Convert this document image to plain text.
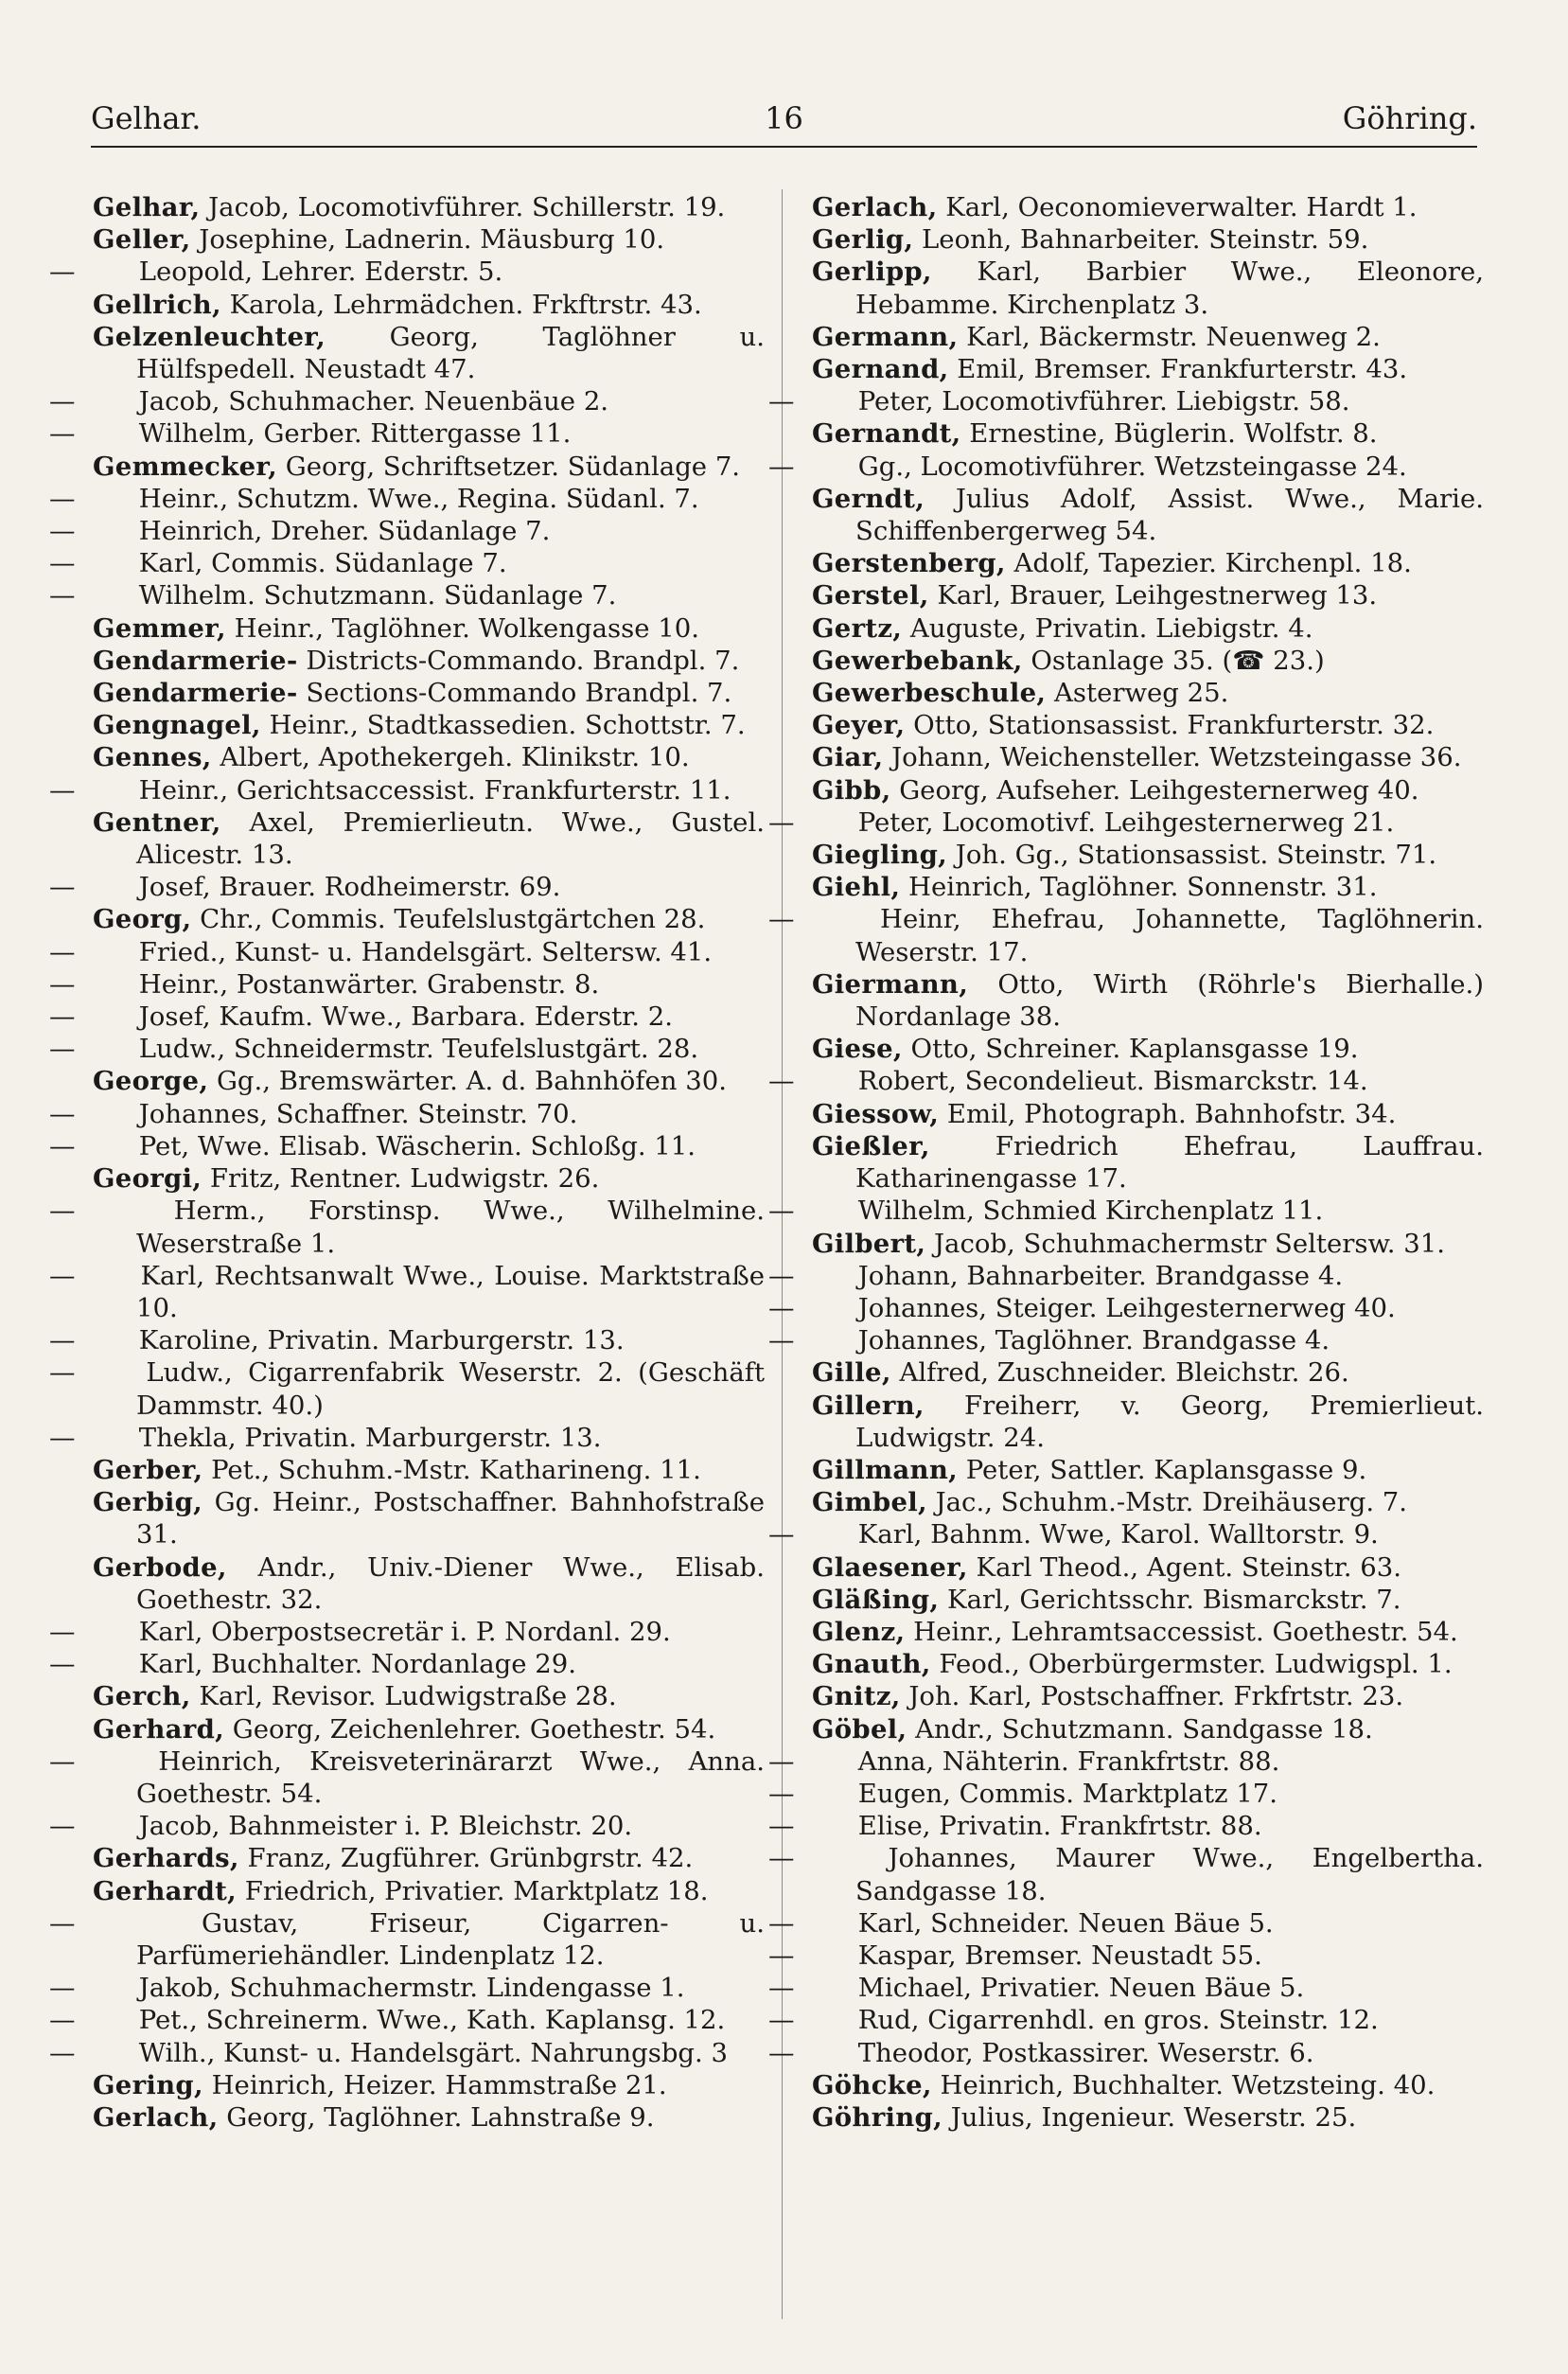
Gelhar.	16	Göhring.
Gelhar, Jacob, Locomotivführer. Schillerstr. 19.
Geller, Josephine, Ladnerin. Mäusburg 10.
— Leopold, Lehrer. Ederstr. 5.
Gellrich, Karola, Lehrmädchen. Frkftrstr. 43.
Gelzenleuchter, Georg, Taglöhner u. Hülfspedell. Neustadt 47.
— Jacob, Schuhmacher. Neuenbäue 2.
— Wilhelm, Gerber. Rittergasse 11.
Gemmecker, Georg, Schriftsetzer. Südanlage 7.
— Heinr., Schutzm. Wwe., Regina. Südanl. 7.
— Heinrich, Dreher. Südanlage 7.
— Karl, Commis. Südanlage 7.
— Wilhelm. Schutzmann. Südanlage 7.
Gemmer, Heinr., Taglöhner. Wolkengasse 10.
Gendarmerie- Districts-Commando. Brandpl. 7.
Gendarmerie- Sections-Commando Brandpl. 7.
Gengnagel, Heinr., Stadtkassedien. Schottstr. 7.
Gennes, Albert, Apothekergeh. Klinikstr. 10.
— Heinr., Gerichtsaccessist. Frankfurterstr. 11.
Gentner, Axel, Premierlieutn. Wwe., Gustel. Alicestr. 13.
— Josef, Brauer. Rodheimerstr. 69.
Georg, Chr., Commis. Teufelslustgärtchen 28.
— Fried., Kunst- u. Handelsgärt. Seltersw. 41.
— Heinr., Postanwärter. Grabenstr. 8.
— Josef, Kaufm. Wwe., Barbara. Ederstr. 2.
— Ludw., Schneidermstr. Teufelslustgärt. 28.
George, Gg., Bremswärter. A. d. Bahnhöfen 30.
— Johannes, Schaffner. Steinstr. 70.
— Pet, Wwe. Elisab. Wäscherin. Schloßg. 11.
Georgi, Fritz, Rentner. Ludwigstr. 26.
—	Herm., Forstinsp. Wwe., Wilhelmine. Weserstraße 1.
—	Karl, Rechtsanwalt Wwe., Louise. Marktstraße 10.
— Karoline, Privatin. Marburgerstr. 13.
—	Ludw., Cigarrenfabrik Weserstr. 2. (Geschäft Dammstr. 40.)
— Thekla, Privatin. Marburgerstr. 13.
Gerber, Pet., Schuhm.-Mstr. Katharineng. 11.
Gerbig, Gg. Heinr., Postschaffner. Bahnhofstraße 31.
Gerbode, Andr., Univ.-Diener Wwe., Elisab. Goethestr. 32.
— Karl, Oberpostsecretär i. P. Nordanl. 29.
— Karl, Buchhalter. Nordanlage 29.
Gerch, Karl, Revisor. Ludwigstraße 28.
Gerhard, Georg, Zeichenlehrer. Goethestr. 54.
—	Heinrich, Kreisveterinärarzt Wwe., Anna. Goethestr. 54.
— Jacob, Bahnmeister i. P. Bleichstr. 20.
Gerhards, Franz, Zugführer. Grünbgrstr. 42.
Gerhardt, Friedrich, Privatier. Marktplatz 18.
—	Gustav, Friseur, Cigarren- u. Parfümeriehändler. Lindenplatz 12.
— Jakob, Schuhmachermstr. Lindengasse 1.
— Pet., Schreinerm. Wwe., Kath. Kaplansg. 12.
— Wilh., Kunst- u. Handelsgärt. Nahrungsbg. 3
Gering, Heinrich, Heizer. Hammstraße 21.
Gerlach, Georg, Taglöhner. Lahnstraße 9.
Gerlach, Karl, Oeconomieverwalter. Hardt 1.
Gerlig, Leonh, Bahnarbeiter. Steinstr. 59.
Gerlipp, Karl, Barbier Wwe., Eleonore, Hebamme. Kirchenplatz 3.
Germann, Karl, Bäckermstr. Neuenweg 2.
Gernand, Emil, Bremser. Frankfurterstr. 43.
— Peter, Locomotivführer. Liebigstr. 58.
Gernandt, Ernestine, Büglerin. Wolfstr. 8.
— Gg., Locomotivführer. Wetzsteingasse 24.
Gerndt, Julius Adolf, Assist. Wwe., Marie. Schiffenbergerweg 54.
Gerstenberg, Adolf, Tapezier. Kirchenpl. 18.
Gerstel, Karl, Brauer, Leihgestnerweg 13.
Gertz, Auguste, Privatin. Liebigstr. 4.
Gewerbebank, Ostanlage 35. (☎ 23.)
Gewerbeschule, Asterweg 25.
Geyer, Otto, Stationsassist. Frankfurterstr. 32.
Giar, Johann, Weichensteller. Wetzsteingasse 36.
Gibb, Georg, Aufseher. Leihgesternerweg 40.
— Peter, Locomotivf. Leihgesternerweg 21.
Giegling, Joh. Gg., Stationsassist. Steinstr. 71.
Giehl, Heinrich, Taglöhner. Sonnenstr. 31.
—	Heinr, Ehefrau, Johannette, Taglöhnerin. Weserstr. 17.
Giermann, Otto, Wirth (Röhrle's Bierhalle.) Nordanlage 38.
Giese, Otto, Schreiner. Kaplansgasse 19.
— Robert, Secondelieut. Bismarckstr. 14.
Giessow, Emil, Photograph. Bahnhofstr. 34.
Gießler,	Friedrich Ehefrau, Lauffrau. Katharinengasse 17.
— Wilhelm, Schmied Kirchenplatz 11.
Gilbert, Jacob, Schuhmachermstr Seltersw. 31.
— Johann, Bahnarbeiter. Brandgasse 4.
— Johannes, Steiger. Leihgesternerweg 40.
— Johannes, Taglöhner. Brandgasse 4.
Gille, Alfred, Zuschneider. Bleichstr. 26.
Gillern, Freiherr, v. Georg, Premierlieut. Ludwigstr. 24.
Gillmann, Peter, Sattler. Kaplansgasse 9.
Gimbel, Jac., Schuhm.-Mstr. Dreihäuserg. 7.
— Karl, Bahnm. Wwe, Karol. Walltorstr. 9.
Glaesener, Karl Theod., Agent. Steinstr. 63.
Gläßing, Karl, Gerichtsschr. Bismarckstr. 7.
Glenz, Heinr., Lehramtsaccessist. Goethestr. 54.
Gnauth, Feod., Oberbürgermster. Ludwigspl. 1.
Gnitz, Joh. Karl, Postschaffner. Frkfrtstr. 23.
Göbel, Andr., Schutzmann. Sandgasse 18.
— Anna, Nähterin. Frankfrtstr. 88.
— Eugen, Commis. Marktplatz 17.
— Elise, Privatin. Frankfrtstr. 88.
—	Johannes, Maurer Wwe., Engelbertha. Sandgasse 18.
— Karl, Schneider. Neuen Bäue 5.
— Kaspar, Bremser. Neustadt 55.
— Michael, Privatier. Neuen Bäue 5.
— Rud, Cigarrenhdl. en gros. Steinstr. 12.
— Theodor, Postkassirer. Weserstr. 6.
Göhcke, Heinrich, Buchhalter. Wetzsteing. 40.
Göhring, Julius, Ingenieur. Weserstr. 25.
